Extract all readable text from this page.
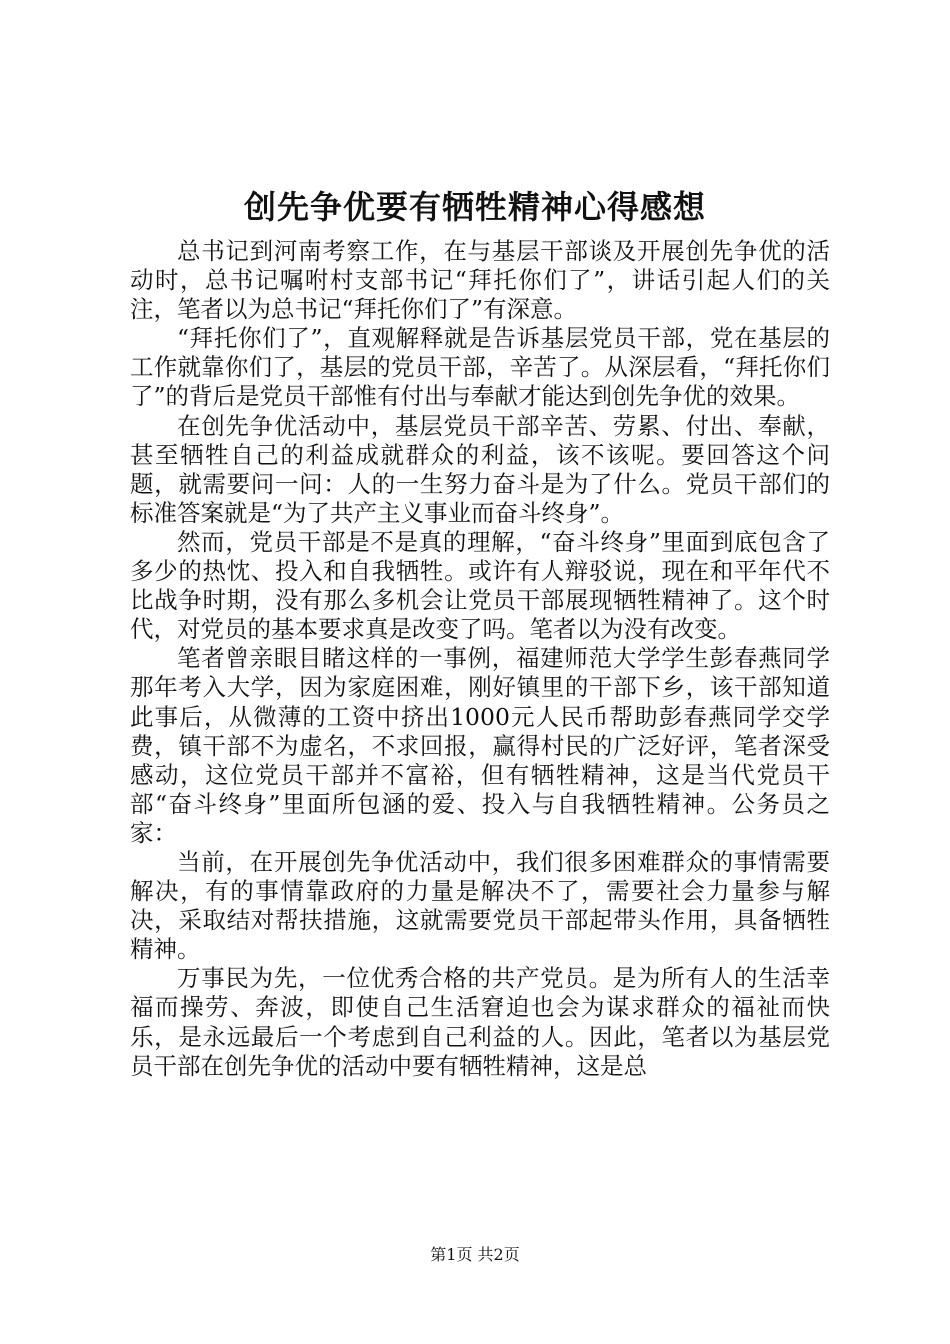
创先争优要有牺牲精神心得感想

总书记到河南考察工作，在与基层干部谈及开展创先争优的活动时，总书记嘱咐村支部书记“拜托你们了”，讲话引起人们的关注，笔者以为总书记“拜托你们了”有深意。

“拜托你们了”，直观解释就是告诉基层党员干部，党在基层的工作就靠你们了，基层的党员干部，辛苦了。从深层看，“拜托你们了”的背后是党员干部惟有付出与奉献才能达到创先争优的效果。

在创先争优活动中，基层党员干部辛苦、劳累、付出、奉献，甚至牺牲自己的利益成就群众的利益，该不该呢。要回答这个问题，就需要问一问：人的一生努力奋斗是为了什么。党员干部们的标准答案就是“为了共产主义事业而奋斗终身”。

然而，党员干部是不是真的理解，“奋斗终身”里面到底包含了多少的热忱、投入和自我牺牲。或许有人辩驳说，现在和平年代不比战争时期，没有那么多机会让党员干部展现牺牲精神了。这个时代，对党员的基本要求真是改变了吗。笔者以为没有改变。

笔者曾亲眼目睹这样的一事例，福建师范大学学生彭春燕同学那年考入大学，因为家庭困难，刚好镇里的干部下乡，该干部知道此事后，从微薄的工资中挤出1000元人民币帮助彭春燕同学交学费，镇干部不为虚名，不求回报，赢得村民的广泛好评，笔者深受感动，这位党员干部并不富裕，但有牺牲精神，这是当代党员干部“奋斗终身”里面所包涵的爱、投入与自我牺牲精神。公务员之家：

当前，在开展创先争优活动中，我们很多困难群众的事情需要解决，有的事情靠政府的力量是解决不了，需要社会力量参与解决，采取结对帮扶措施，这就需要党员干部起带头作用，具备牺牲精神。

万事民为先，一位优秀合格的共产党员。是为所有人的生活幸福而操劳、奔波，即使自己生活窘迫也会为谋求群众的福祉而快乐，是永远最后一个考虑到自己利益的人。因此，笔者以为基层党员干部在创先争优的活动中要有牺牲精神，这是总

第1页 共2页
